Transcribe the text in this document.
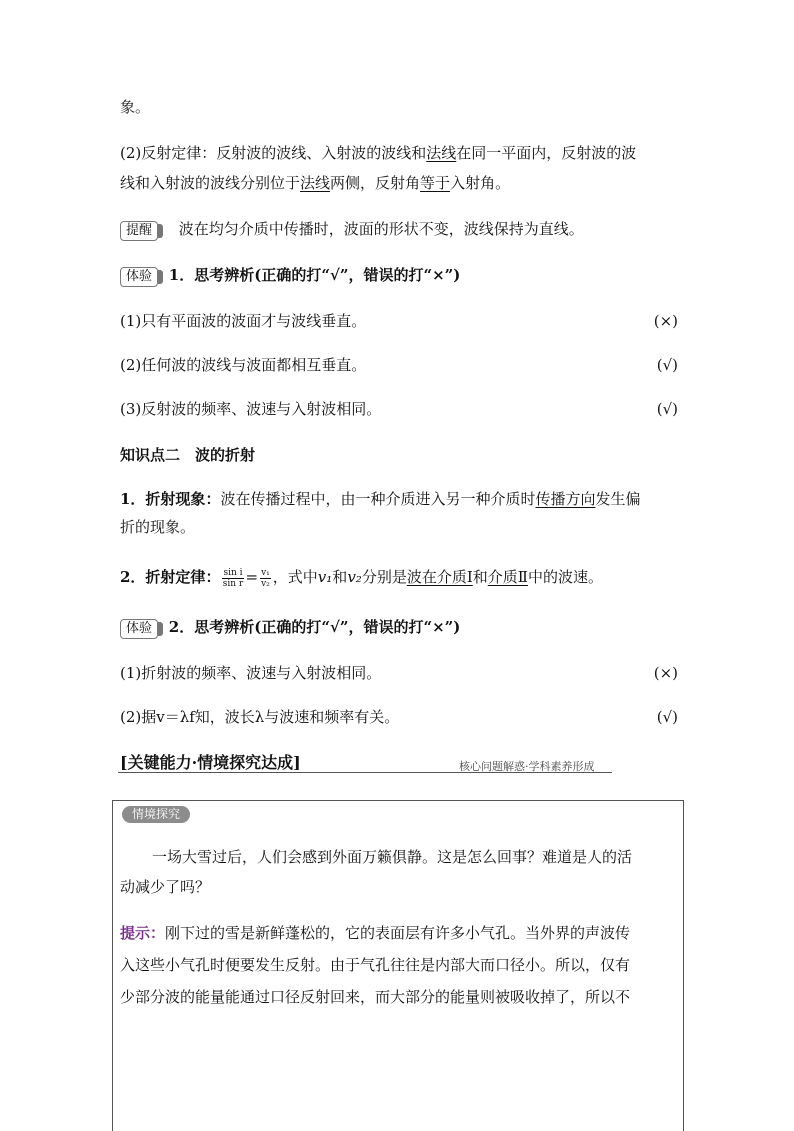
象。
(2)反射定律：反射波的波线、入射波的波线和法线在同一平面内，反射波的波
线和入射波的波线分别位于法线两侧，反射角等于入射角。
提醒 波在均匀介质中传播时，波面的形状不变，波线保持为直线。
体验 1．思考辨析(正确的打“√”，错误的打“×”)
(1)只有平面波的波面才与波线垂直。	(×)
(2)任何波的波线与波面都相互垂直。	(√)
(3)反射波的频率、波速与入射波相同。	(√)
知识点二　波的折射
1．折射现象：波在传播过程中，由一种介质进入另一种介质时传播方向发生偏
折的现象。
2．折射定律： $\frac{\text{sin i}}{\text{sin r}} = \frac{\text{v₁}}{\text{v₂}}$ ，式中v₁和v₂分别是波在介质Ⅰ和介质Ⅱ中的波速。
体验 2．思考辨析(正确的打“√”，错误的打“×”)
(1)折射波的频率、波速与入射波相同。	(×)
(2)据v＝λf知，波长λ与波速和频率有关。	(√)
[关键能力·情境探究达成]	核心问题解惑·学科素养形成
情境探究
一场大雪过后，人们会感到外面万籁俱静。这是怎么回事？难道是人的活
动减少了吗？
提示：刚下过的雪是新鲜蓬松的，它的表面层有许多小气孔。当外界的声波传
入这些小气孔时便要发生反射。由于气孔往往是内部大而口径小。所以，仅有
少部分波的能量能通过口径反射回来，而大部分的能量则被吸收掉了，所以不
